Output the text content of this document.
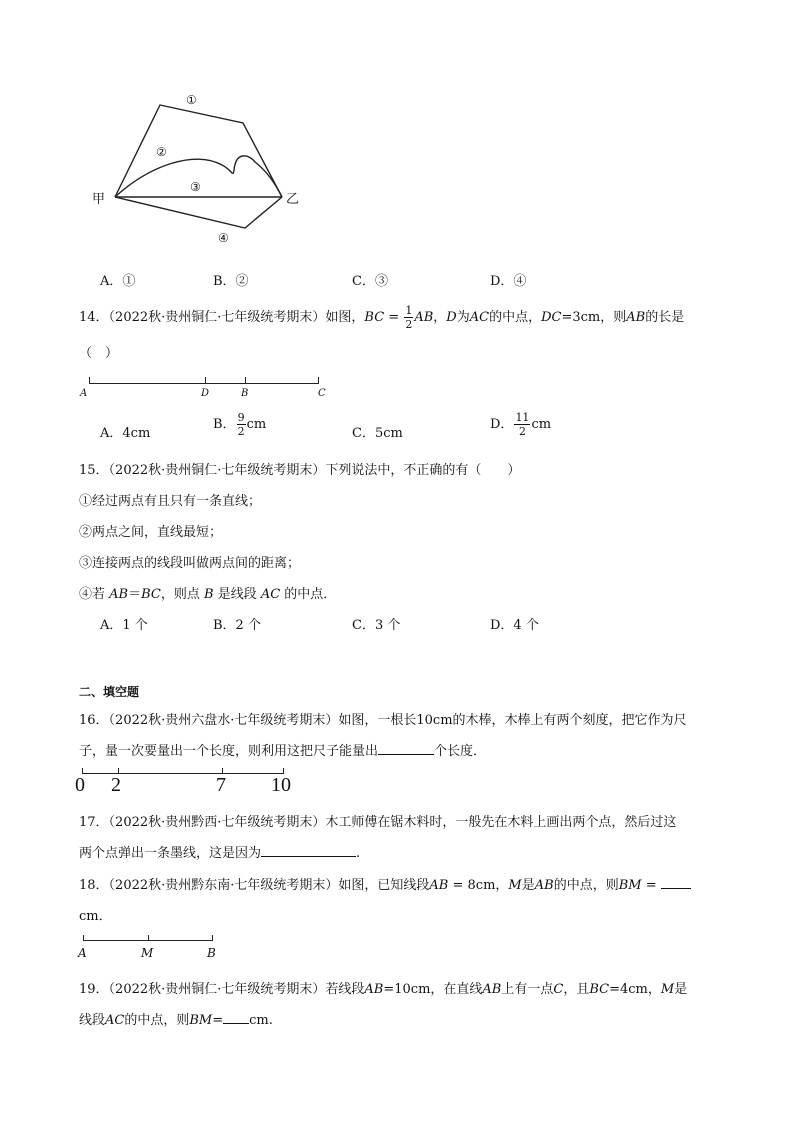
甲	乙
①
②
③
④
A．①	B．②	C．③	D．④
14．（2022秋·贵州铜仁·七年级统考期末）如图，BC = $\frac{1}{2}$ AB，D为AC的中点，DC=3cm，则AB的长是
（　）
A	D	B	C
A．4cm
B． $\frac{9}{2}$ cm
C．5cm
D． $\frac{11}{2}$ cm
15．（2022秋·贵州铜仁·七年级统考期末）下列说法中，不正确的有（　　）
①经过两点有且只有一条直线；
②两点之间，直线最短；
③连接两点的线段叫做两点间的距离；
④若 AB＝BC，则点 B 是线段 AC 的中点．
A．1 个	B．2 个	C．3 个	D．4 个
二、填空题
16．（2022秋·贵州六盘水·七年级统考期末）如图，一根长10cm的木棒，木棒上有两个刻度，把它作为尺
子，量一次要量出一个长度，则利用这把尺子能量出	个长度．
0 2	7 10
17．（2022秋·贵州黔西·七年级统考期末）木工师傅在锯木料时，一般先在木料上画出两个点，然后过这
两个点弹出一条墨线，这是因为	.
18．（2022秋·贵州黔东南·七年级统考期末）如图，已知线段AB = 8cm，M是AB的中点，则BM =
cm．
A	M	B
19．（2022秋·贵州铜仁·七年级统考期末）若线段AB=10cm，在直线AB上有一点C，且BC=4cm，M是
线段AC的中点，则BM= cm.
